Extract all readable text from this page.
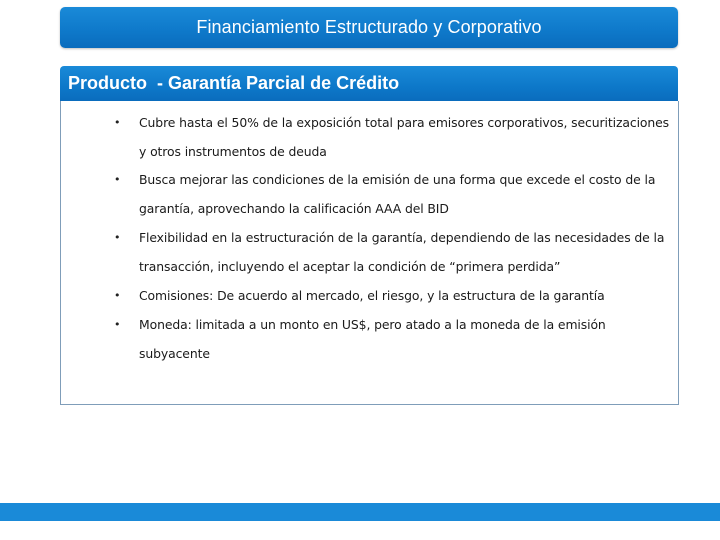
Financiamiento Estructurado y Corporativo
Producto  - Garantía Parcial de Crédito
• Cubre hasta el 50% de la exposición total para emisores corporativos, securitizaciones y otros instrumentos de deuda
• Busca mejorar las condiciones de la emisión de una forma que excede el costo de la garantía, aprovechando la calificación AAA del BID
• Flexibilidad en la estructuración de la garantía, dependiendo de las necesidades de la transacción, incluyendo el aceptar la condición de “primera perdida”
• Comisiones: De acuerdo al mercado, el riesgo, y la estructura de la garantía
• Moneda: limitada a un monto en US$, pero atado a la moneda de la emisión subyacente
